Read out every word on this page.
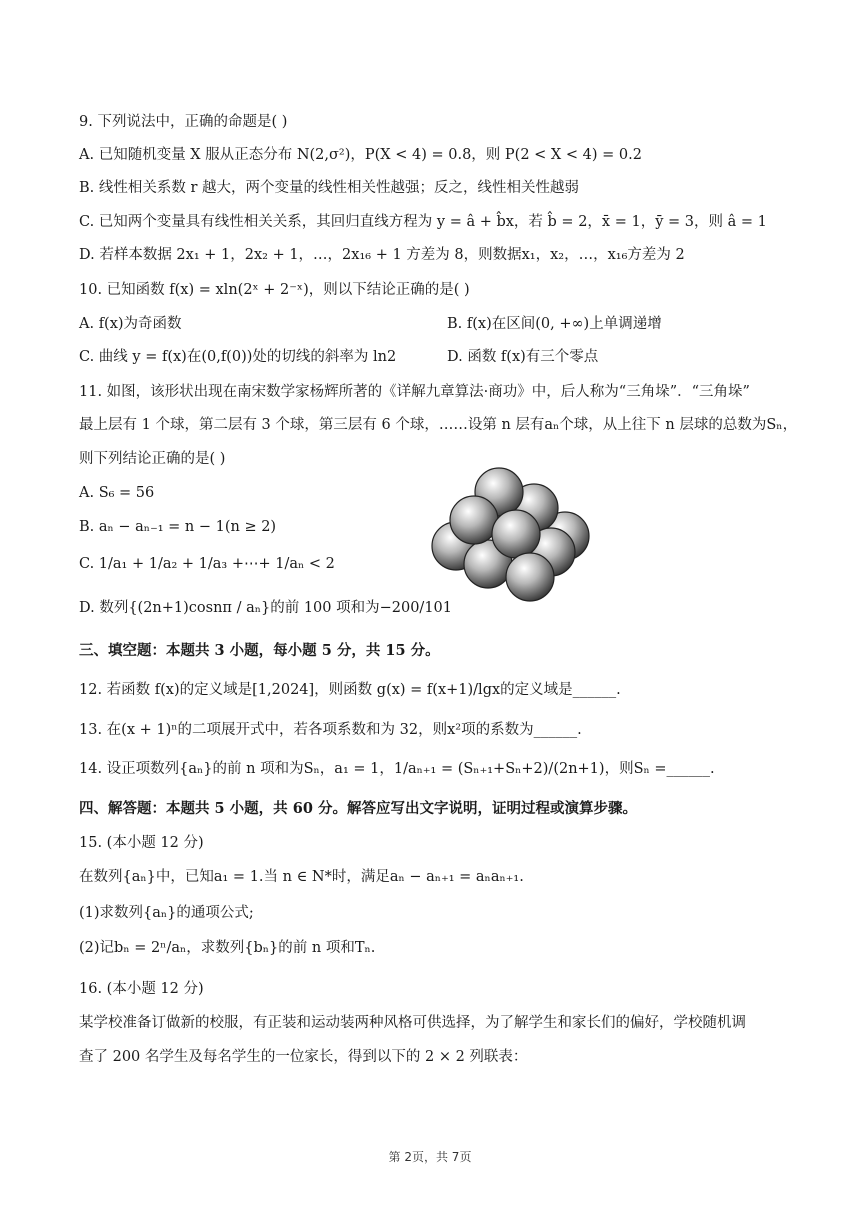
9. 下列说法中，正确的命题是( )
A. 已知随机变量 X 服从正态分布 N(2,σ²)，P(X < 4) = 0.8，则 P(2 < X < 4) = 0.2
B. 线性相关系数 r 越大，两个变量的线性相关性越强；反之，线性相关性越弱
C. 已知两个变量具有线性相关关系，其回归直线方程为 y = â + b̂x，若 b̂ = 2，x̄ = 1，ȳ = 3，则 â = 1
D. 若样本数据 2x₁ + 1，2x₂ + 1，…，2x₁₆ + 1 方差为 8，则数据x₁，x₂，…，x₁₆方差为 2
10. 已知函数 f(x) = xln(2ˣ + 2⁻ˣ)，则以下结论正确的是( )
A. f(x)为奇函数	B. f(x)在区间(0, +∞)上单调递增
C. 曲线 y = f(x)在(0,f(0))处的切线的斜率为 ln2	D. 函数 f(x)有三个零点
11. 如图，该形状出现在南宋数学家杨辉所著的《详解九章算法·商功》中，后人称为“三角垛”．“三角垛”
最上层有 1 个球，第二层有 3 个球，第三层有 6 个球，……设第 n 层有aₙ个球，从上往下 n 层球的总数为Sₙ，
则下列结论正确的是( )
A. S₆ = 56
B. aₙ − aₙ₋₁ = n − 1(n ≥ 2)
C. 1/a₁ + 1/a₂ + 1/a₃ +⋯+ 1/aₙ < 2
D. 数列{(2n+1)cosnπ / aₙ}的前 100 项和为−200/101
三、填空题：本题共 3 小题，每小题 5 分，共 15 分。
12. 若函数 f(x)的定义域是[1,2024]，则函数 g(x) = f(x+1)/lgx的定义域是______.
13. 在(x + 1)ⁿ的二项展开式中，若各项系数和为 32，则x²项的系数为______.
14. 设正项数列{aₙ}的前 n 项和为Sₙ，a₁ = 1，1/aₙ₊₁ = (Sₙ₊₁+Sₙ+2)/(2n+1)，则Sₙ =______.
四、解答题：本题共 5 小题，共 60 分。解答应写出文字说明，证明过程或演算步骤。
15. (本小题 12 分)
在数列{aₙ}中，已知a₁ = 1.当 n ∈ N*时，满足aₙ − aₙ₊₁ = aₙaₙ₊₁.
(1)求数列{aₙ}的通项公式;
(2)记bₙ = 2ⁿ/aₙ，求数列{bₙ}的前 n 项和Tₙ.
16. (本小题 12 分)
某学校准备订做新的校服，有正装和运动装两种风格可供选择，为了解学生和家长们的偏好，学校随机调
查了 200 名学生及每名学生的一位家长，得到以下的 2 × 2 列联表：
第 2页，共 7页
